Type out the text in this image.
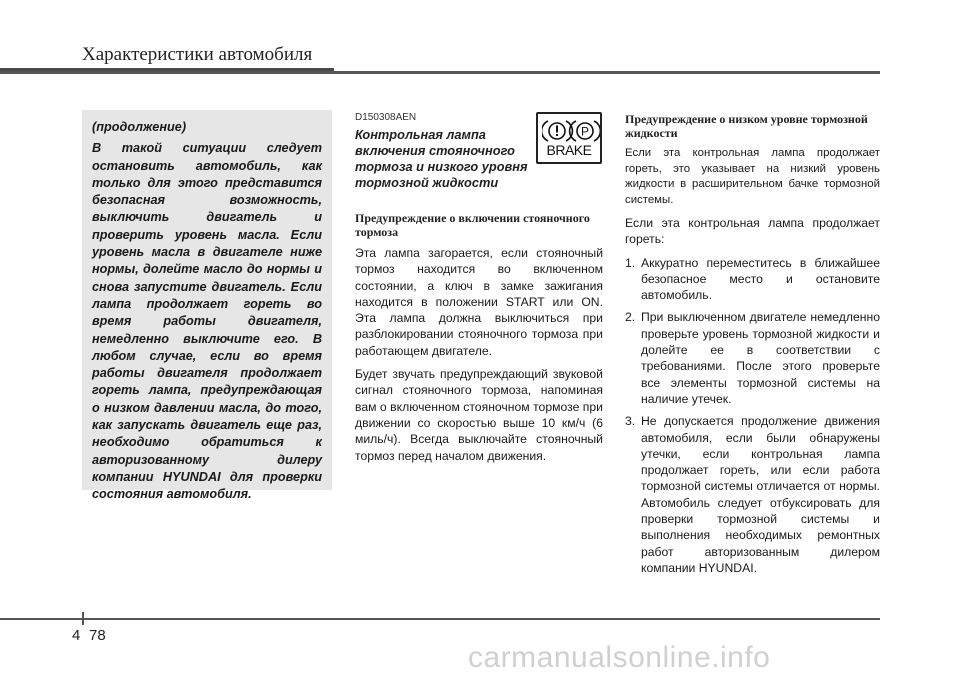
Характеристики автомобиля
(продолжение)
В такой ситуации следует остановить автомобиль, как только для этого представится безопасная возможность, выключить двигатель и проверить уровень масла. Если уровень масла в двигателе ниже нормы, долейте масло до нормы и снова запустите двигатель. Если лампа продолжает гореть во время работы двигателя, немедленно выключите его. В любом случае, если во время работы двигателя продолжает гореть лампа, предупреждающая о низком давлении масла, до того, как запускать двигатель еще раз, необходимо обратиться к авторизованному дилеру компании HYUNDAI для проверки состояния автомобиля.
D150308AEN
Контрольная лампа включения стояночного тормоза и низкого уровня тормозной жидкости
P
BRAKE
Предупреждение о включении стояночного тормоза
Эта лампа загорается, если стояночный тормоз находится во включенном состоянии, а ключ в замке зажигания находится в положении START или ON. Эта лампа должна выключиться при разблокировании стояночного тормоза при работающем двигателе.
Будет звучать предупреждающий звуковой сигнал стояночного тормоза, напоминая вам о включенном стояночном тормозе при движении со скоростью выше 10 км/ч (6 миль/ч). Всегда выключайте стояночный тормоз перед началом движения.
Предупреждение о низком уровне тормозной жидкости
Если эта контрольная лампа продолжает гореть, это указывает на низкий уровень жидкости в расширительном бачке тормозной системы.
Если эта контрольная лампа продолжает гореть:
1. Аккуратно переместитесь в ближайшее безопасное место и остановите автомобиль.
2. При выключенном двигателе немедленно проверьте уровень тормозной жидкости и долейте ее в соответствии с требованиями. После этого проверьте все элементы тормозной системы на наличие утечек.
3. Не допускается продолжение движения автомобиля, если были обнаружены утечки, если контрольная лампа продолжает гореть, или если работа тормозной системы отличается от нормы. Автомобиль следует отбуксировать для проверки тормозной системы и выполнения необходимых ремонтных работ авторизованным дилером компании HYUNDAI.
4 78
carmanualsonline.info
